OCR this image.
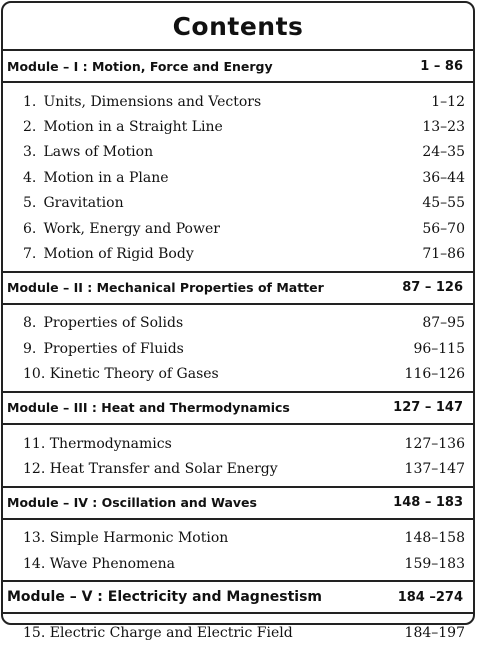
Contents
Module – I : Motion, Force and Energy	1 – 86
1. Units, Dimensions and Vectors	1–12
2. Motion in a Straight Line	13–23
3. Laws of Motion	24–35
4. Motion in a Plane	36–44
5. Gravitation	45–55
6. Work, Energy and Power	56–70
7. Motion of Rigid Body	71–86
Module – II : Mechanical Properties of Matter	87 – 126
8. Properties of Solids	87–95
9. Properties of Fluids	96–115
10. Kinetic Theory of Gases	116–126
Module – III : Heat and Thermodynamics	127 – 147
11. Thermodynamics	127–136
12. Heat Transfer and Solar Energy	137–147
Module – IV : Oscillation and Waves	148 – 183
13. Simple Harmonic Motion	148–158
14. Wave Phenomena	159–183
Module – V : Electricity and Magnestism	184 –274
15. Electric Charge and Electric Field	184–197
